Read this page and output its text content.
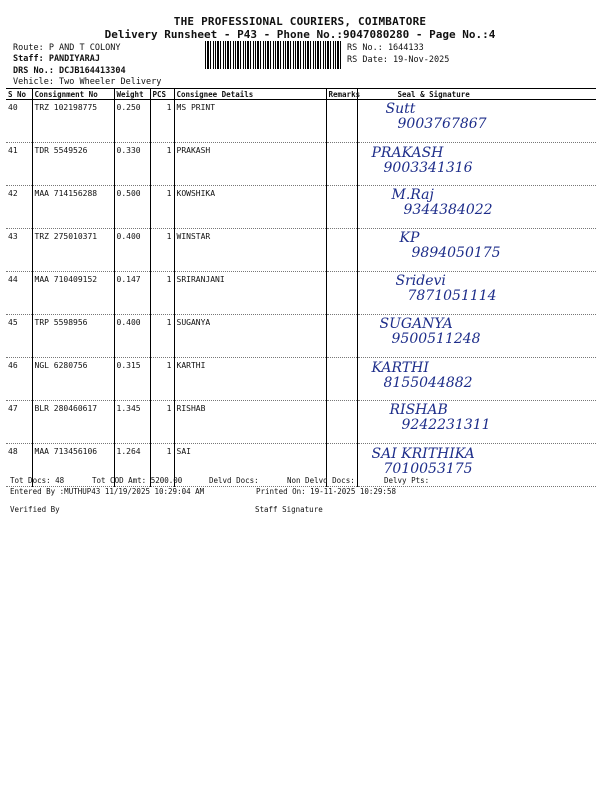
THE PROFESSIONAL COURIERS, COIMBATORE
Delivery Runsheet - P43 - Phone No.:9047080280 - Page No.:4
Route: P AND T COLONY
Staff: PANDIYARAJ
DRS No.: DCJB164413304
Vehicle: Two Wheeler Delivery
RS No.: 1644133
RS Date: 19-Nov-2025
S No	Consignment No	Weight	PCS	Consignee Details	Remarks	Seal & Signature
40	TRZ 102198775	0.250	1	MS PRINT		Sutt
9003767867

41	TDR 5549526	0.330	1	PRAKASH		PRAKASH
9003341316

42	MAA 714156288	0.500	1	KOWSHIKA		M.Raj
9344384022

43	TRZ 275010371	0.400	1	WINSTAR		KP
9894050175

44	MAA 710409152	0.147	1	SRIRANJANI		Sridevi
7871051114

45	TRP 5598956	0.400	1	SUGANYA		SUGANYA
9500511248

46	NGL 6280756	0.315	1	KARTHI		KARTHI
8155044882

47	BLR 280460617	1.345	1	RISHAB		RISHAB
9242231311

48	MAA 713456106	1.264	1	SAI		SAI KRITHIKA
7010053175
Tot Docs: 48	Tot COD Amt: 5200.00	Delvd Docs:	Non Delvd Docs:	Delvy Pts:
Entered By :MUTHUP43 11/19/2025 10:29:04 AM	Printed On: 19-11-2025 10:29:58
Verified By	Staff Signature
